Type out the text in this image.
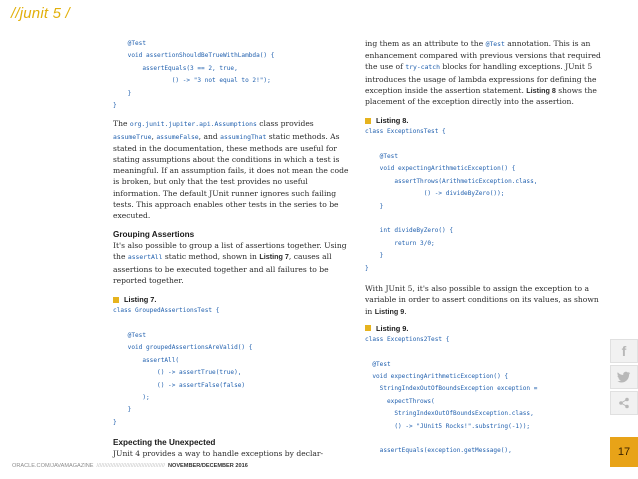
//junit 5 /
@Test
void assertionShouldBeTrueWithLambda() {
assertEquals(3 == 2, true,
() -> "3 not equal to 2!");
}
}

The org.junit.jupiter.api.Assumptions class provides assumeTrue, assumeFalse, and assumingThat static methods. As stated in the documentation, these methods are useful for stating assumptions about the conditions in which a test is meaningful. If an assumption fails, it does not mean the code is broken, but only that the test provides no useful information. The default JUnit runner ignores such failing tests. This approach enables other tests in the series to be executed.

Grouping Assertions

It's also possible to group a list of assertions together. Using the assertAll static method, shown in Listing 7, causes all assertions to be executed together and all failures to be reported together.

Listing 7.

class GroupedAssertionsTest {

@Test
void groupedAssertionsAreValid() {
assertAll(
() -> assertTrue(true),
() -> assertFalse(false)
);
}
}

Expecting the Unexpected

JUnit 4 provides a way to handle exceptions by declar-

ing them as an attribute to the @Test annotation. This is an enhancement compared with previous versions that required the use of try-catch blocks for handling exceptions. JUnit 5 introduces the usage of lambda expressions for defining the exception inside the assertion statement. Listing 8 shows the placement of the exception directly into the assertion.

Listing 8.

class ExceptionsTest {

@Test
void expectingArithmeticException() {
assertThrows(ArithmeticException.class,
() -> divideByZero());
}

int divideByZero() {
return 3/0;
}
}

With JUnit 5, it's also possible to assign the exception to a variable in order to assert conditions on its values, as shown in Listing 9.

Listing 9.

class Exceptions2Test {

@Test
void expectingArithmeticException() {
StringIndexOutOfBoundsException exception =
expectThrows(
StringIndexOutOfBoundsException.class,
() -> "JUnit5 Rocks!".substring(-1));

assertEquals(exception.getMessage(),
f
17
ORACLE.COM/JAVAMAGAZINE //////////////////////////////////////////// NOVEMBER/DECEMBER 2016
